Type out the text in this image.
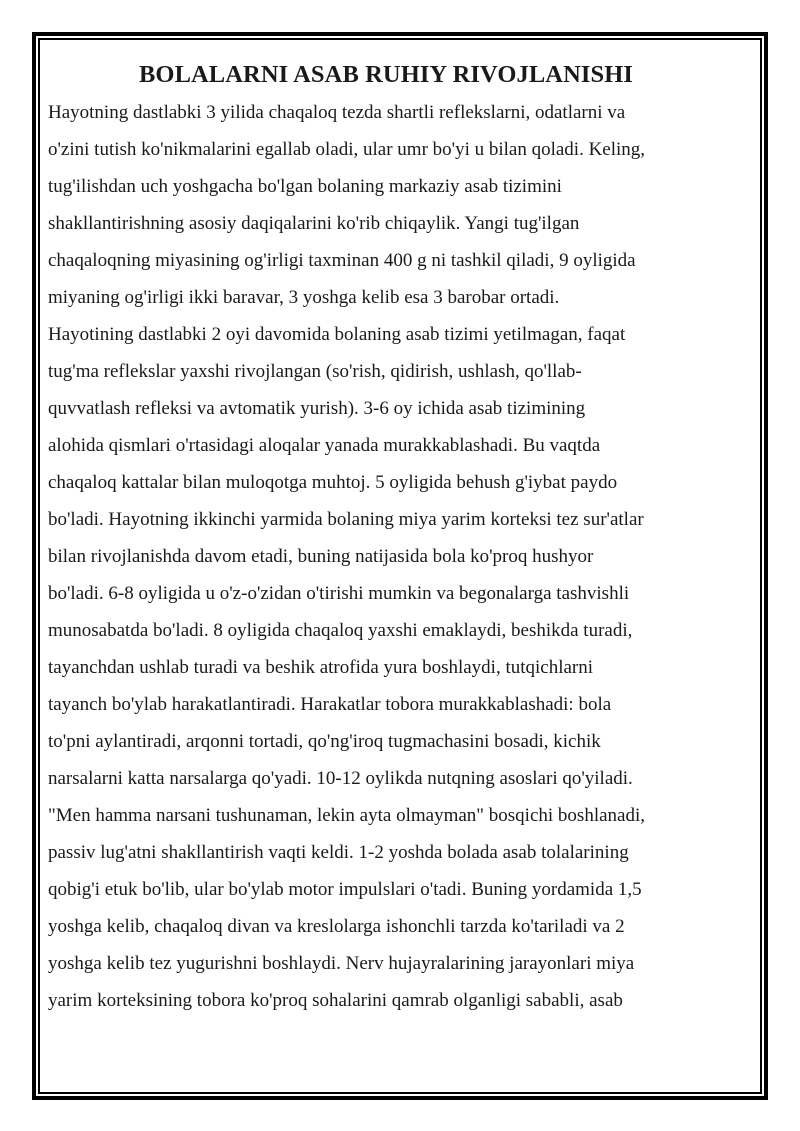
BOLALARNI ASAB RUHIY RIVOJLANISHI
Hayotning dastlabki 3 yilida chaqaloq tezda shartli reflekslarni, odatlarni va
o'zini tutish ko'nikmalarini egallab oladi, ular umr bo'yi u bilan qoladi. Keling,
tug'ilishdan uch yoshgacha bo'lgan bolaning markaziy asab tizimini
shakllantirishning asosiy daqiqalarini ko'rib chiqaylik. Yangi tug'ilgan
chaqaloqning miyasining og'irligi taxminan 400 g ni tashkil qiladi, 9 oyligida
miyaning og'irligi ikki baravar, 3 yoshga kelib esa 3 barobar ortadi.
Hayotining dastlabki 2 oyi davomida bolaning asab tizimi yetilmagan, faqat
tug'ma reflekslar yaxshi rivojlangan (so'rish, qidirish, ushlash, qo'llab-
quvvatlash refleksi va avtomatik yurish). 3-6 oy ichida asab tizimining
alohida qismlari o'rtasidagi aloqalar yanada murakkablashadi. Bu vaqtda
chaqaloq kattalar bilan muloqotga muhtoj. 5 oyligida behush g'iybat paydo
bo'ladi. Hayotning ikkinchi yarmida bolaning miya yarim korteksi tez sur'atlar
bilan rivojlanishda davom etadi, buning natijasida bola ko'proq hushyor
bo'ladi. 6-8 oyligida u o'z-o'zidan o'tirishi mumkin va begonalarga tashvishli
munosabatda bo'ladi. 8 oyligida chaqaloq yaxshi emaklaydi, beshikda turadi,
tayanchdan ushlab turadi va beshik atrofida yura boshlaydi, tutqichlarni
tayanch bo'ylab harakatlantiradi. Harakatlar tobora murakkablashadi: bola
to'pni aylantiradi, arqonni tortadi, qo'ng'iroq tugmachasini bosadi, kichik
narsalarni katta narsalarga qo'yadi. 10-12 oylikda nutqning asoslari qo'yiladi.
"Men hamma narsani tushunaman, lekin ayta olmayman" bosqichi boshlanadi,
passiv lug'atni shakllantirish vaqti keldi. 1-2 yoshda bolada asab tolalarining
qobig'i etuk bo'lib, ular bo'ylab motor impulslari o'tadi. Buning yordamida 1,5
yoshga kelib, chaqaloq divan va kreslolarga ishonchli tarzda ko'tariladi va 2
yoshga kelib tez yugurishni boshlaydi. Nerv hujayralarining jarayonlari miya
yarim korteksining tobora ko'proq sohalarini qamrab olganligi sababli, asab
